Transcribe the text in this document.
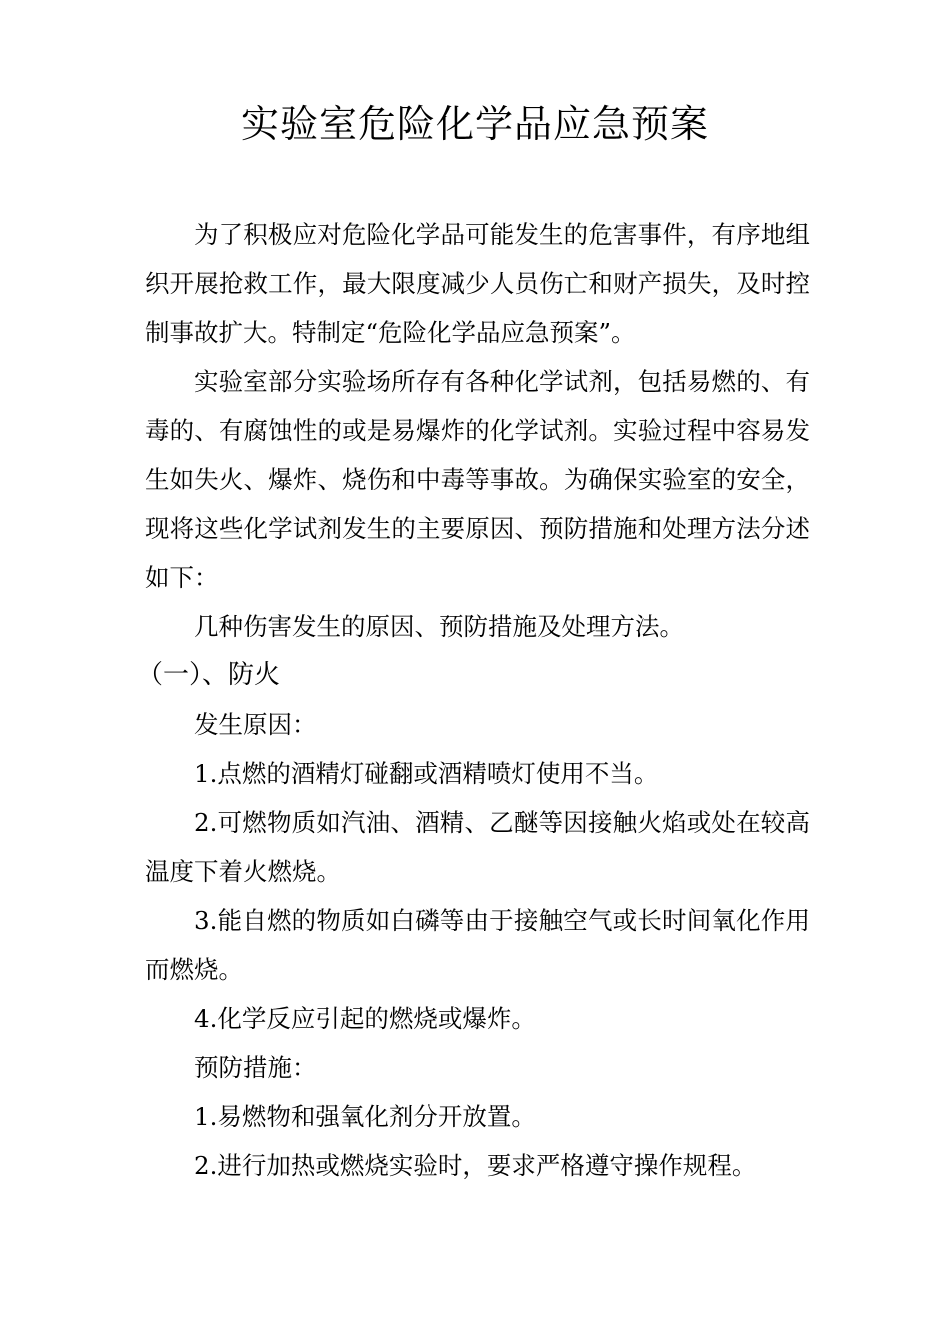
实验室危险化学品应急预案

为了积极应对危险化学品可能发生的危害事件，有序地组织开展抢救工作，最大限度减少人员伤亡和财产损失，及时控制事故扩大。特制定“危险化学品应急预案”。

实验室部分实验场所存有各种化学试剂，包括易燃的、有毒的、有腐蚀性的或是易爆炸的化学试剂。实验过程中容易发生如失火、爆炸、烧伤和中毒等事故。为确保实验室的安全，现将这些化学试剂发生的主要原因、预防措施和处理方法分述如下：

几种伤害发生的原因、预防措施及处理方法。

（一）、防火

发生原因：

1.点燃的酒精灯碰翻或酒精喷灯使用不当。

2.可燃物质如汽油、酒精、乙醚等因接触火焰或处在较高温度下着火燃烧。

3.能自燃的物质如白磷等由于接触空气或长时间氧化作用而燃烧。

4.化学反应引起的燃烧或爆炸。

预防措施：

1.易燃物和强氧化剂分开放置。

2.进行加热或燃烧实验时，要求严格遵守操作规程。
